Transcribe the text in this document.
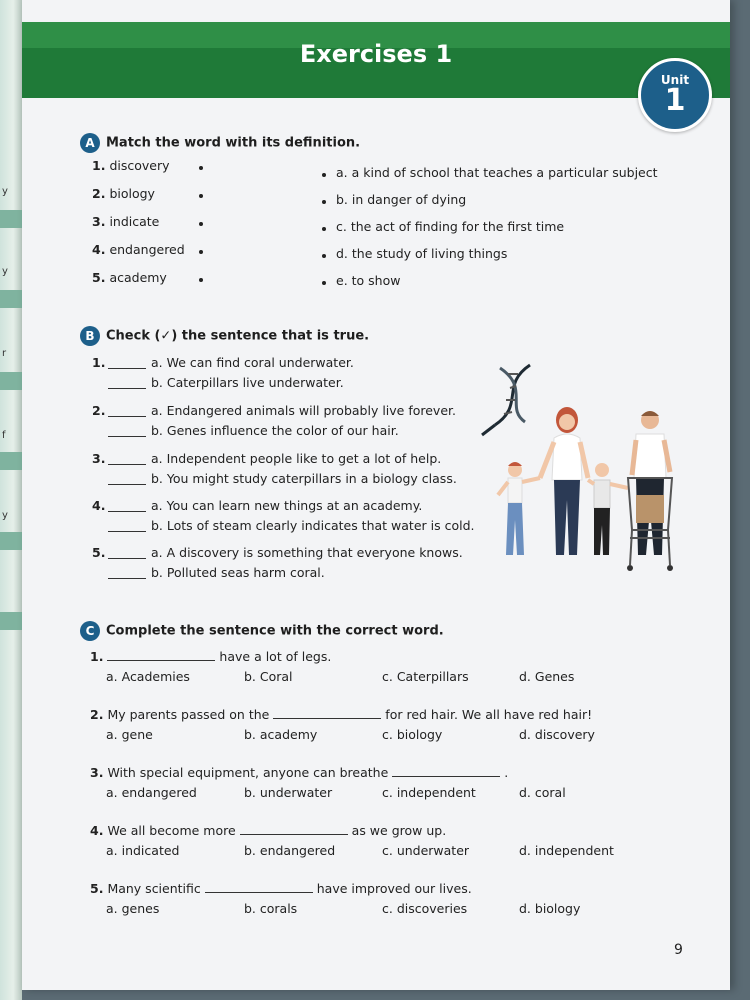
y
y
r
f
y
Exercises 1
Unit
1
A Match the word with its definition.
1. discovery
2. biology
3. indicate
4. endangered
5. academy
a. a kind of school that teaches a particular subject
b. in danger of dying
c. the act of finding for the first time
d. the study of living things
e. to show
B Check (✓) the sentence that is true.
1.	a. We can find coral underwater.
b. Caterpillars live underwater.
2.	a. Endangered animals will probably live forever.
b. Genes influence the color of our hair.
3.	a. Independent people like to get a lot of help.
b. You might study caterpillars in a biology class.
4.	a. You can learn new things at an academy.
b. Lots of steam clearly indicates that water is cold.
5.	a. A discovery is something that everyone knows.
b. Polluted seas harm coral.
C Complete the sentence with the correct word.
1.	have a lot of legs.
a. Academies	b. Coral	c. Caterpillars	d. Genes
2. My parents passed on the	for red hair. We all have red hair!
a. gene	b. academy	c. biology	d. discovery
3. With special equipment, anyone can breathe	.
a. endangered	b. underwater	c. independent	d. coral
4. We all become more	as we grow up.
a. indicated	b. endangered	c. underwater	d. independent
5. Many scientific	have improved our lives.
a. genes	b. corals	c. discoveries	d. biology
9
